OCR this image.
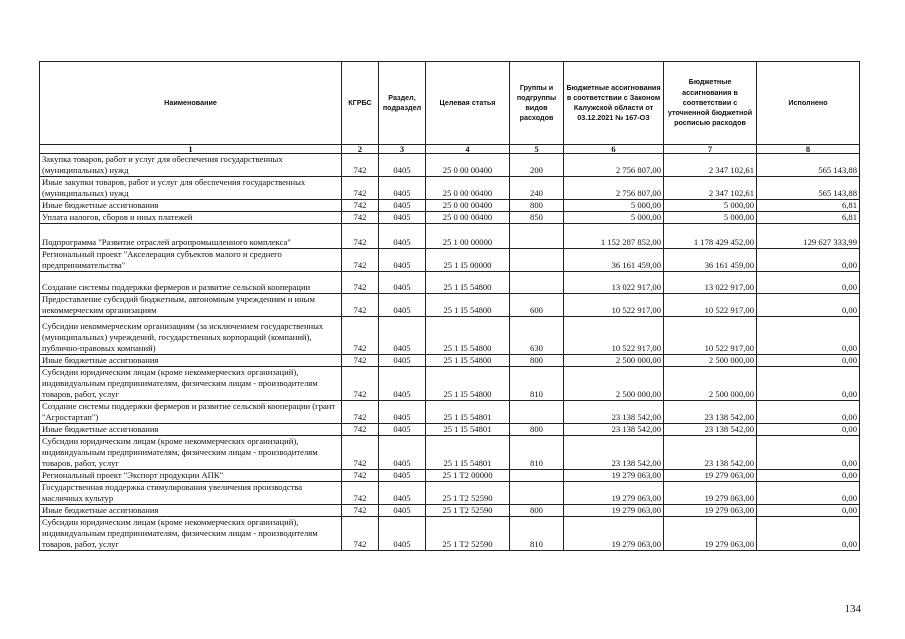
Наименование	КГРБС	Раздел, подраздел	Целевая статья	Группы и подгруппы видов расходов	Бюджетные ассигнования в соответствии с Законом Калужской области от 03.12.2021 № 167-ОЗ	Бюджетные ассигнования в соответствии с уточненной бюджетной росписью расходов	Исполнено
1	2	3	4	5	6	7	8
Закупка товаров, работ и услуг для обеспечения государственных (муниципальных) нужд	742	0405	25 0 00 00400	200	2 756 807,00	2 347 102,61	565 143,88
Иные закупки товаров, работ и услуг для обеспечения государственных (муниципальных) нужд	742	0405	25 0 00 00400	240	2 756 807,00	2 347 102,61	565 143,88
Иные бюджетные ассигнования	742	0405	25 0 00 00400	800	5 000,00	5 000,00	6,81
Уплата налогов, сборов и иных платежей	742	0405	25 0 00 00400	850	5 000,00	5 000,00	6,81
Подпрограмма "Развитие отраслей агропромышленного комплекса"	742	0405	25 1 00 00000		1 152 287 852,00	1 178 429 452,00	129 627 333,99
Региональный проект "Акселерация субъектов малого и среднего предпринимательства"	742	0405	25 1 I5 00000		36 161 459,00	36 161 459,00	0,00
Создание системы поддержки фермеров и развитие сельской кооперации	742	0405	25 1 I5 54800		13 022 917,00	13 022 917,00	0,00
Предоставление субсидий бюджетным, автономным учреждениям и иным некоммерческим организациям	742	0405	25 1 I5 54800	600	10 522 917,00	10 522 917,00	0,00
Субсидии некоммерческим организациям (за исключением государственных (муниципальных) учреждений, государственных корпораций (компаний), публично-правовых компаний)	742	0405	25 1 I5 54800	630	10 522 917,00	10 522 917,00	0,00
Иные бюджетные ассигнования	742	0405	25 1 I5 54800	800	2 500 000,00	2 500 000,00	0,00
Субсидии юридическим лицам (кроме некоммерческих организаций), индивидуальным предпринимателям, физическим лицам - производителям товаров, работ, услуг	742	0405	25 1 I5 54800	810	2 500 000,00	2 500 000,00	0,00
Создание системы поддержки фермеров и развитие сельской кооперации (грант "Агростартап")	742	0405	25 1 I5 54801		23 138 542,00	23 138 542,00	0,00
Иные бюджетные ассигнования	742	0405	25 1 I5 54801	800	23 138 542,00	23 138 542,00	0,00
Субсидии юридическим лицам (кроме некоммерческих организаций), индивидуальным предпринимателям, физическим лицам - производителям товаров, работ, услуг	742	0405	25 1 I5 54801	810	23 138 542,00	23 138 542,00	0,00
Региональный проект "Экспорт продукции АПК"	742	0405	25 1 T2 00000		19 279 063,00	19 279 063,00	0,00
Государственная поддержка стимулирования увеличения производства масличных культур	742	0405	25 1 T2 52590		19 279 063,00	19 279 063,00	0,00
Иные бюджетные ассигнования	742	0405	25 1 T2 52590	800	19 279 063,00	19 279 063,00	0,00
Субсидии юридическим лицам (кроме некоммерческих организаций), индивидуальным предпринимателям, физическим лицам - производителям товаров, работ, услуг	742	0405	25 1 T2 52590	810	19 279 063,00	19 279 063,00	0,00
134
